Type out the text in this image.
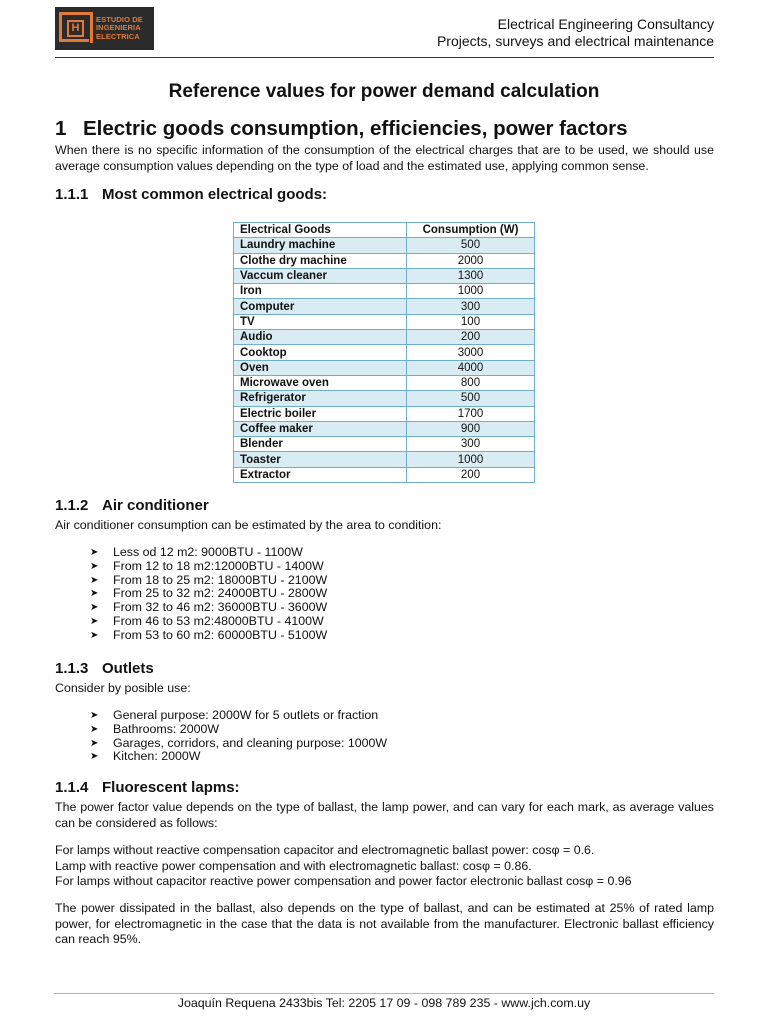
H
ESTUDIO DE
INGENIERIA
ELECTRICA
Electrical Engineering Consultancy
Projects, surveys and electrical maintenance
Reference values for power demand calculation
1 Electric goods consumption, efficiencies, power factors

When there is no specific information of the consumption of the electrical charges that are to be used, we should use average consumption values depending on the type of load and the estimated use, applying common sense.

1.1.1 Most common electrical goods:
Electrical Goods	Consumption (W)
Laundry machine	500
Clothe dry machine	2000
Vaccum cleaner	1300
Iron	1000
Computer	300
TV	100
Audio	200
Cooktop	3000
Oven	4000
Microwave oven	800
Refrigerator	500
Electric boiler	1700
Coffee maker	900
Blender	300
Toaster	1000
Extractor	200
1.1.2 Air conditioner

Air conditioner consumption can be estimated by the area to condition:

➤ Less od 12 m2: 9000BTU - 1100W
➤ From 12 to 18 m2:12000BTU - 1400W
➤ From 18 to 25 m2: 18000BTU - 2100W
➤ From 25 to 32 m2: 24000BTU - 2800W
➤ From 32 to 46 m2: 36000BTU - 3600W
➤ From 46 to 53 m2:48000BTU - 4100W
➤ From 53 to 60 m2: 60000BTU - 5100W
1.1.3 Outlets

Consider by posible use:

➤ General purpose: 2000W for 5 outlets or fraction
➤ Bathrooms: 2000W
➤ Garages, corridors, and cleaning purpose: 1000W
➤ Kitchen: 2000W
1.1.4 Fluorescent lapms:

The power factor value depends on the type of ballast, the lamp power, and can vary for each mark, as average values can be considered as follows:

For lamps without reactive compensation capacitor and electromagnetic ballast power: cosφ = 0.6.
Lamp with reactive power compensation and with electromagnetic ballast: cosφ = 0.86.
For lamps without capacitor reactive power compensation and power factor electronic ballast cosφ = 0.96

The power dissipated in the ballast, also depends on the type of ballast, and can be estimated at 25% of rated lamp power, for electromagnetic in the case that the data is not available from the manufacturer. Electronic ballast efficiency can reach 95%.

Joaquín Requena 2433bis Tel: 2205 17 09 - 098 789 235 - www.jch.com.uy
